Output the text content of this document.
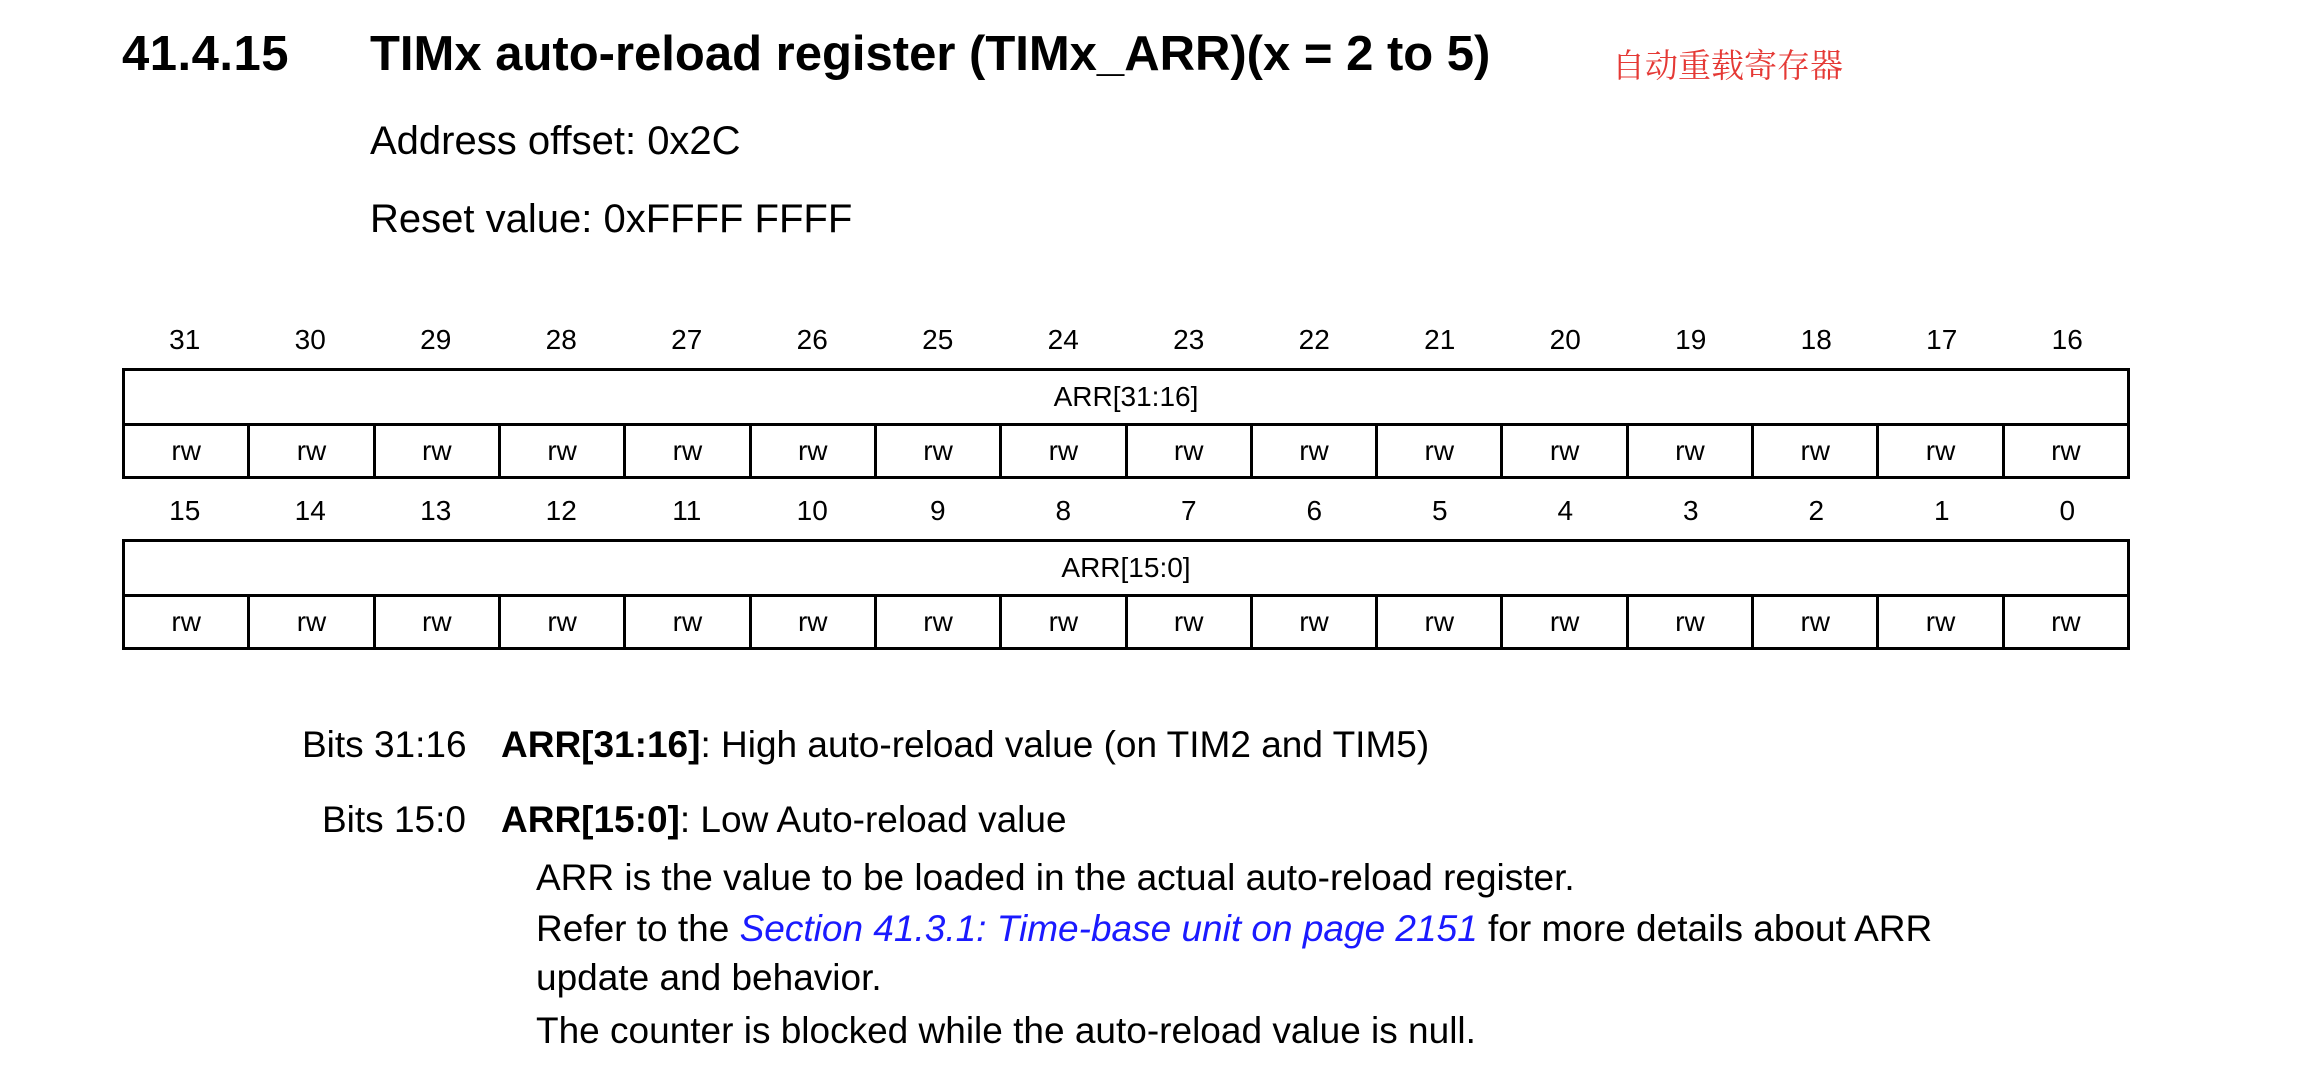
41.4.15 TIMx auto-reload register (TIMx_ARR)(x = 2 to 5)	自动重载寄存器
Address offset: 0x2C
Reset value: 0xFFFF FFFF
31	30	29	28	27	26	25	24	23	22	21	20	19	18	17	16
ARR[31:16]
rw	rw	rw	rw	rw	rw	rw	rw	rw	rw	rw	rw	rw	rw	rw	rw
15	14	13	12	11	10	9	8	7	6	5	4	3	2	1	0
ARR[15:0]
rw	rw	rw	rw	rw	rw	rw	rw	rw	rw	rw	rw	rw	rw	rw	rw
Bits 31:16 ARR[31:16]: High auto-reload value (on TIM2 and TIM5)
Bits 15:0 ARR[15:0]: Low Auto-reload value
ARR is the value to be loaded in the actual auto-reload register.
Refer to the Section 41.3.1: Time-base unit on page 2151 for more details about ARR
update and behavior.
The counter is blocked while the auto-reload value is null.
